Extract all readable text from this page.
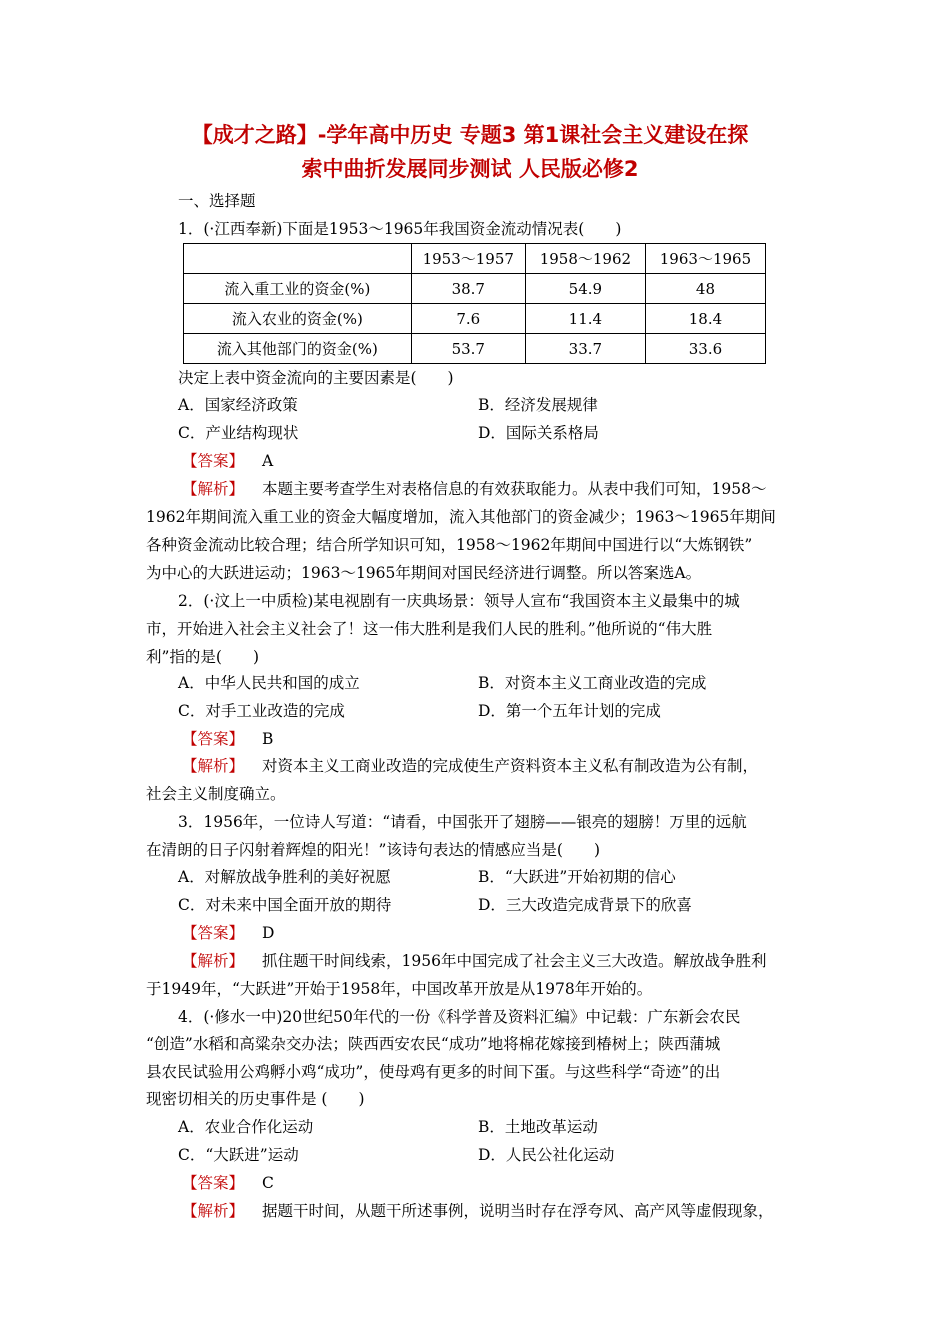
【成才之路】-学年高中历史 专题3 第1课社会主义建设在探
索中曲折发展同步测试 人民版必修2
一、选择题
1．(·江西奉新)下面是1953～1965年我国资金流动情况表(　　)
	1953～1957	1958～1962	1963～1965
流入重工业的资金(%)	38.7	54.9	48
流入农业的资金(%)	7.6	11.4	18.4
流入其他部门的资金(%)	53.7	33.7	33.6
决定上表中资金流向的主要因素是(　　)
A．国家经济政策	B．经济发展规律
C．产业结构现状	D．国际关系格局
【答案】 A
【解析】 本题主要考查学生对表格信息的有效获取能力。从表中我们可知，1958～
1962年期间流入重工业的资金大幅度增加，流入其他部门的资金减少；1963～1965年期间
各种资金流动比较合理；结合所学知识可知，1958～1962年期间中国进行以“大炼钢铁”
为中心的大跃进运动；1963～1965年期间对国民经济进行调整。所以答案选A。
2．(·汶上一中质检)某电视剧有一庆典场景：领导人宣布“我国资本主义最集中的城
市，开始进入社会主义社会了！这一伟大胜利是我们人民的胜利。”他所说的“伟大胜
利”指的是(　　)
A．中华人民共和国的成立	B．对资本主义工商业改造的完成
C．对手工业改造的完成	D．第一个五年计划的完成
【答案】 B
【解析】 对资本主义工商业改造的完成使生产资料资本主义私有制改造为公有制，
社会主义制度确立。
3．1956年，一位诗人写道：“请看，中国张开了翅膀——银亮的翅膀！万里的远航
在清朗的日子闪射着辉煌的阳光！”该诗句表达的情感应当是(　　)
A．对解放战争胜利的美好祝愿	B．“大跃进”开始初期的信心
C．对未来中国全面开放的期待	D．三大改造完成背景下的欣喜
【答案】 D
【解析】 抓住题干时间线索，1956年中国完成了社会主义三大改造。解放战争胜利
于1949年，“大跃进”开始于1958年，中国改革开放是从1978年开始的。
4．(·修水一中)20世纪50年代的一份《科学普及资料汇编》中记载：广东新会农民
“创造”水稻和高粱杂交办法；陕西西安农民“成功”地将棉花嫁接到椿树上；陕西蒲城
县农民试验用公鸡孵小鸡“成功”，使母鸡有更多的时间下蛋。与这些科学“奇迹”的出
现密切相关的历史事件是 (　　)
A．农业合作化运动	B．土地改革运动
C．“大跃进”运动	D．人民公社化运动
【答案】 C
【解析】 据题干时间，从题干所述事例，说明当时存在浮夸风、高产风等虚假现象，
